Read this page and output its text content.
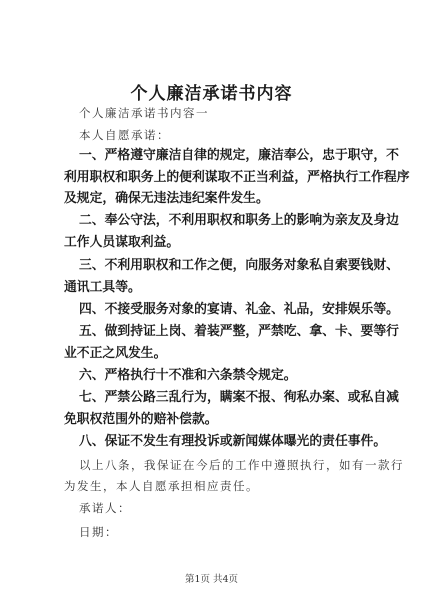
个人廉洁承诺书内容
个人廉洁承诺书内容一
本人自愿承诺：
一、严格遵守廉洁自律的规定，廉洁奉公，忠于职守，不
利用职权和职务上的便利谋取不正当利益，严格执行工作程序
及规定，确保无违法违纪案件发生。
二、奉公守法，不利用职权和职务上的影响为亲友及身边
工作人员谋取利益。
三、不利用职权和工作之便，向服务对象私自索要钱财、
通讯工具等。
四、不接受服务对象的宴请、礼金、礼品，安排娱乐等。
五、做到持证上岗、着装严整，严禁吃、拿、卡、要等行
业不正之风发生。
六、严格执行十不准和六条禁令规定。
七、严禁公路三乱行为，瞒案不报、徇私办案、或私自减
免职权范围外的赔补偿款。
八、保证不发生有理投诉或新闻媒体曝光的责任事件。
以上八条，我保证在今后的工作中遵照执行，如有一款行
为发生，本人自愿承担相应责任。
承诺人：
日期：
第1页 共4页
